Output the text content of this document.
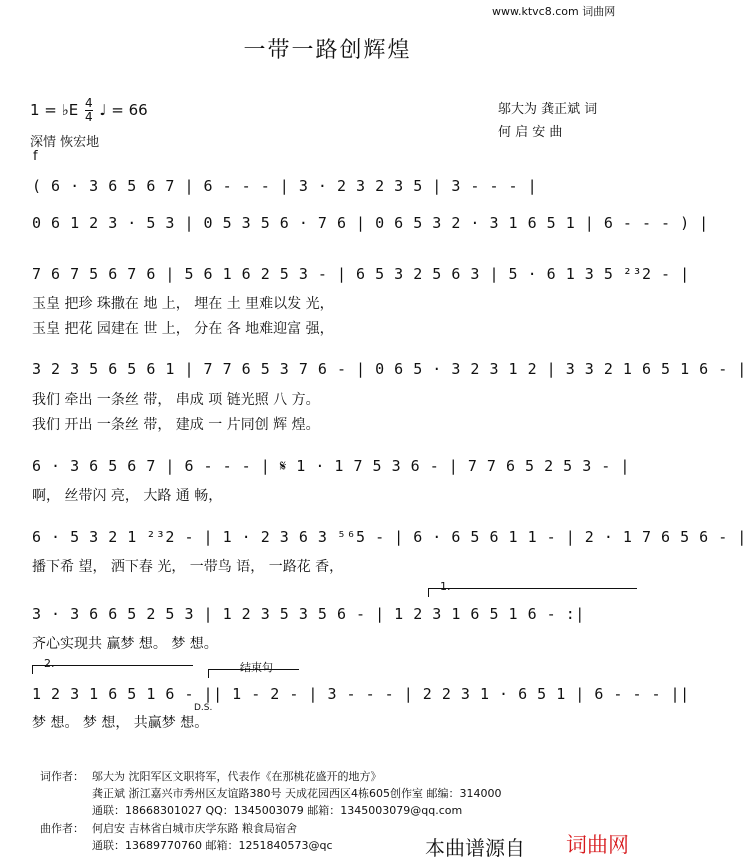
www.ktvc8.com 词曲网
一带一路创辉煌
1 = ♭E $\frac{4}{4}$ ♩ = 66
深情 恢宏地
f
邬大为 龚正斌 词
何 启 安 曲
( 6 · 3 6 5 6 7 | 6 - - - | 3 · 2 3 2 3 5 | 3 - - - |
0 6 1 2 3 · 5 3 | 0 5 3 5 6 · 7 6 | 0 6 5 3 2 · 3 1 6 5 1 | 6 - - - ) |
7 6 7 5 6 7 6 | 5 6 1 6 2 5 3 - | 6 5 3 2 5 6 3 | 5 · 6 1 3 5 ²³2 - |
玉皇 把珍 珠撒在 地 上， 埋在 土 里难以发 光，
玉皇 把花 园建在 世 上， 分在 各 地难迎富 强，
3 2 3 5 6 5 6 1 | 7 7 6 5 3 7 6 - | 0 6 5 · 3 2 3 1 2 | 3 3 2 1 6 5 1 6 - |
我们 牵出 一条丝 带， 串成 项 链光照 八 方。
我们 开出 一条丝 带， 建成 一 片同创 辉 煌。
6 · 3 6 5 6 7 | 6 - - - | 𝄋 1 · 1 7 5 3 6 - | 7 7 6 5 2 5 3 - |
啊， 丝带闪 亮， 大路 通 畅，
6 · 5 3 2 1 ²³2 - | 1 · 2 3 6 3 ⁵⁶5 - | 6 · 6 5 6 1 1 - | 2 · 1 7 6 5 6 - |
播下希 望， 洒下春 光， 一带鸟 语， 一路花 香，
1.
3 · 3 6 6 5 2 5 3 | 1 2 3 5 3 5 6 - | 1 2 3 1 6 5 1 6 - :|
齐心实现共 赢梦 想。 梦 想。
2.	结束句
1 2 3 1 6 5 1 6 - || 1 - 2 - | 3 - - - | 2 2 3 1 · 6 5 1 | 6 - - - ||
D.S.
梦 想。 梦 想， 共赢梦 想。
词作者： 邬大为 沈阳军区文职将军，代表作《在那桃花盛开的地方》
龚正斌 浙江嘉兴市秀州区友谊路380号 天成花园西区4栋605创作室 邮编：314000
通联：18668301027 QQ：1345003079 邮箱：1345003079@qq.com
曲作者： 何启安 吉林省白城市庆学东路 粮食局宿舍
通联：13689770760 邮箱：1251840573@qc	本曲谱源自 词曲网
